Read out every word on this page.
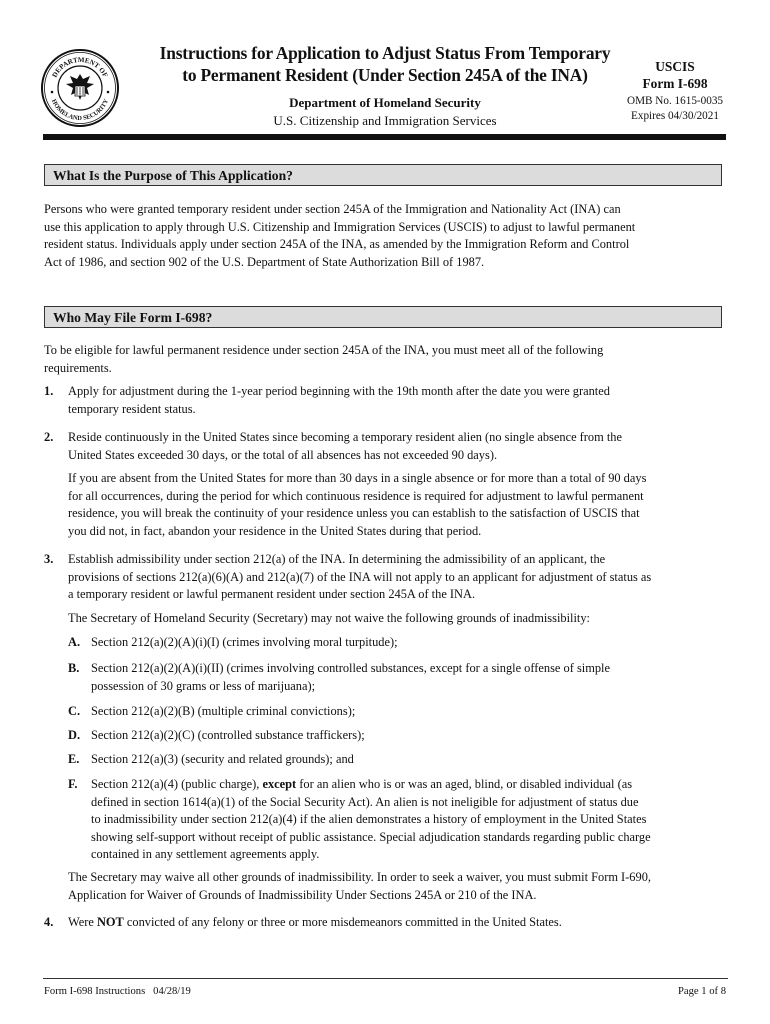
DEPARTMENT OF
HOMELAND SECURITY
Instructions for Application to Adjust Status From Temporary
to Permanent Resident (Under Section 245A of the INA)
Department of Homeland Security
U.S. Citizenship and Immigration Services
USCIS
Form I-698
OMB No. 1615-0035
Expires 04/30/2021
What Is the Purpose of This Application?
Persons who were granted temporary resident under section 245A of the Immigration and Nationality Act (INA) can
use this application to apply through U.S. Citizenship and Immigration Services (USCIS) to adjust to lawful permanent
resident status. Individuals apply under section 245A of the INA, as amended by the Immigration Reform and Control
Act of 1986, and section 902 of the U.S. Department of State Authorization Bill of 1987.
Who May File Form I-698?
To be eligible for lawful permanent residence under section 245A of the INA, you must meet all of the following
requirements.
1. Apply for adjustment during the 1-year period beginning with the 19th month after the date you were granted
temporary resident status.
2. Reside continuously in the United States since becoming a temporary resident alien (no single absence from the
United States exceeded 30 days, or the total of all absences has not exceeded 90 days).
If you are absent from the United States for more than 30 days in a single absence or for more than a total of 90 days
for all occurrences, during the period for which continuous residence is required for adjustment to lawful permanent
residence, you will break the continuity of your residence unless you can establish to the satisfaction of USCIS that
you did not, in fact, abandon your residence in the United States during that period.
3. Establish admissibility under section 212(a) of the INA. In determining the admissibility of an applicant, the
provisions of sections 212(a)(6)(A) and 212(a)(7) of the INA will not apply to an applicant for adjustment of status as
a temporary resident or lawful permanent resident under section 245A of the INA.
The Secretary of Homeland Security (Secretary) may not waive the following grounds of inadmissibility:
A. Section 212(a)(2)(A)(i)(I) (crimes involving moral turpitude);
B. Section 212(a)(2)(A)(i)(II) (crimes involving controlled substances, except for a single offense of simple
possession of 30 grams or less of marijuana);
C. Section 212(a)(2)(B) (multiple criminal convictions);
D. Section 212(a)(2)(C) (controlled substance traffickers);
E. Section 212(a)(3) (security and related grounds); and
F. Section 212(a)(4) (public charge), except for an alien who is or was an aged, blind, or disabled individual (as
defined in section 1614(a)(1) of the Social Security Act). An alien is not ineligible for adjustment of status due
to inadmissibility under section 212(a)(4) if the alien demonstrates a history of employment in the United States
showing self-support without receipt of public assistance. Special adjudication standards regarding public charge
contained in any settlement agreements apply.
The Secretary may waive all other grounds of inadmissibility. In order to seek a waiver, you must submit Form I-690,
Application for Waiver of Grounds of Inadmissibility Under Sections 245A or 210 of the INA.
4. Were NOT convicted of any felony or three or more misdemeanors committed in the United States.
Form I-698 Instructions   04/28/19	Page 1 of 8
